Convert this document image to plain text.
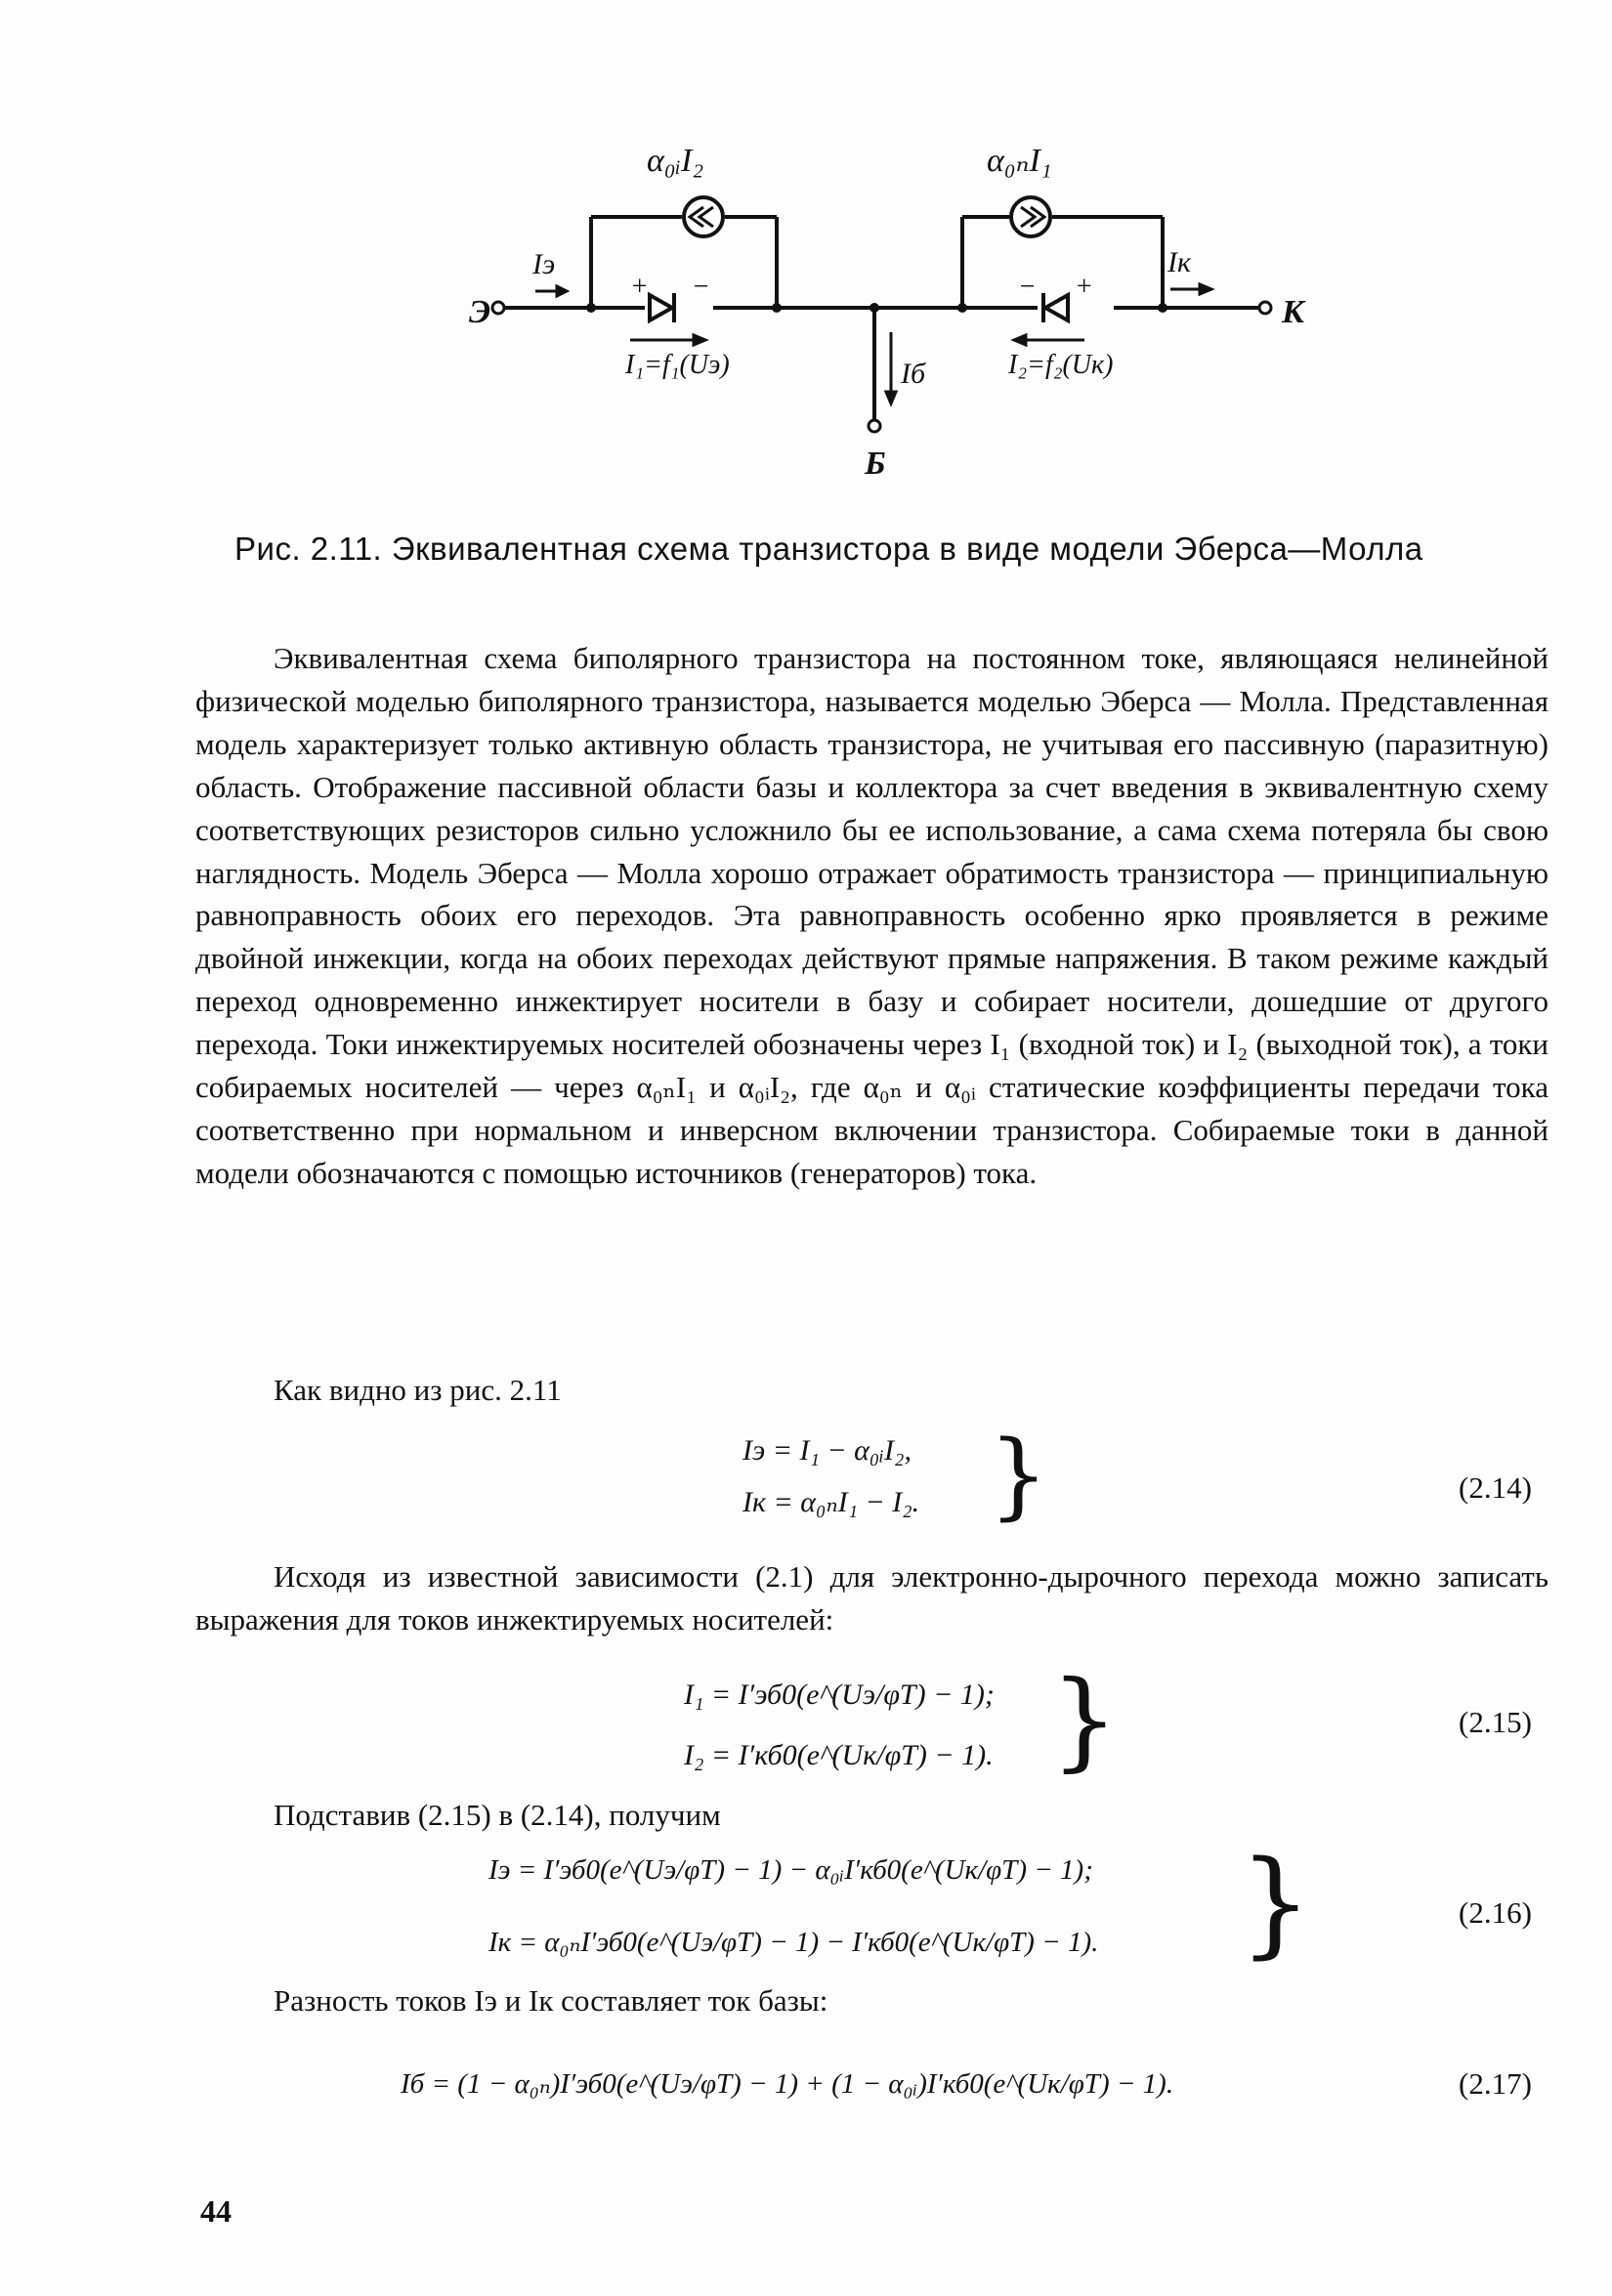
α₀ᵢI₂	α₀ₙI₁
Э	К
Б
Iэ	Iк
Iб
I₁=f₁(Uэ)	I₂=f₂(Uк)
+ −	− +
Рис. 2.11. Эквивалентная схема транзистора в виде модели Эберса—Молла

Эквивалентная схема биполярного транзистора на постоянном токе, являющаяся нелинейной физической моделью биполярного транзистора, называется моделью Эберса — Молла. Представленная модель характеризует только активную область транзистора, не учитывая его пассивную (паразитную) область. Отображение пассивной области базы и коллектора за счет введения в эквивалентную схему соответствующих резисторов сильно усложнило бы ее использование, а сама схема потеряла бы свою наглядность. Модель Эберса — Молла хорошо отражает обратимость транзистора — принципиальную равноправность обоих его переходов. Эта равноправность особенно ярко проявляется в режиме двойной инжекции, когда на обоих переходах действуют прямые напряжения. В таком режиме каждый переход одновременно инжектирует носители в базу и собирает носители, дошедшие от другого перехода. Токи инжектируемых носителей обозначены через I₁ (входной ток) и I₂ (выходной ток), а токи собираемых носителей — через α₀ₙI₁ и α₀ᵢI₂, где α₀ₙ и α₀ᵢ статические коэффициенты передачи тока соответственно при нормальном и инверсном включении транзистора. Собираемые токи в данной модели обозначаются с помощью источников (генераторов) тока.

Как видно из рис. 2.11
Iэ = I₁ − α₀ᵢI₂,
Iк = α₀ₙI₁ − I₂. }	(2.14)

Исходя из известной зависимости (2.1) для электронно-дырочного перехода можно записать выражения для токов инжектируемых носителей:

I₁ = I′эб0(e^(Uэ/φT) − 1);
I₂ = I′кб0(e^(Uк/φT) − 1). }	(2.15)
Подставив (2.15) в (2.14), получим
Iэ = I′эб0(e^(Uэ/φT) − 1) − α₀ᵢI′кб0(e^(Uк/φT) − 1);
Iк = α₀ₙI′эб0(e^(Uэ/φT) − 1) − I′кб0(e^(Uк/φT) − 1). }	(2.16)
Разность токов Iэ и Iк составляет ток базы:
Iб = (1 − α₀ₙ)I′эб0(e^(Uэ/φT) − 1) + (1 − α₀ᵢ)I′кб0(e^(Uк/φT) − 1).	(2.17)
44
